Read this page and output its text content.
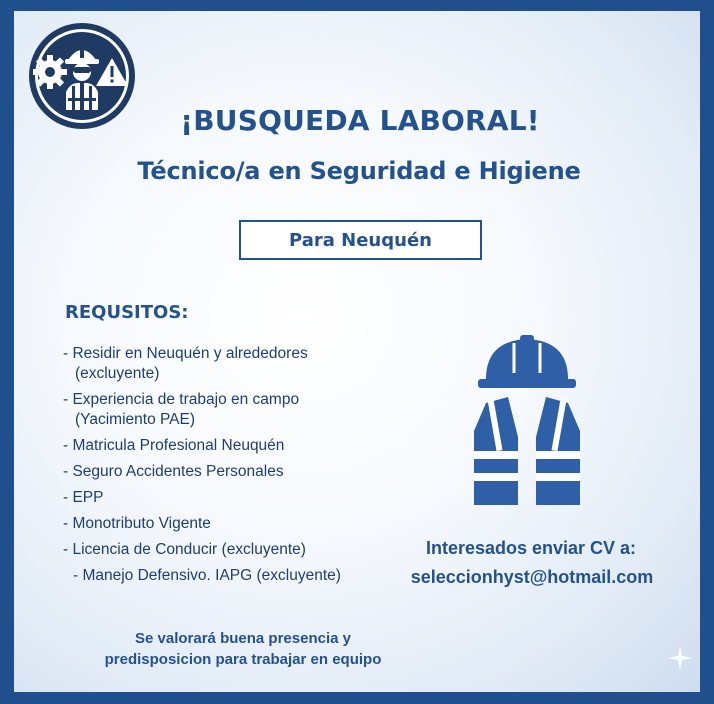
¡BUSQUEDA LABORAL!
Técnico/a en Seguridad e Higiene
Para Neuquén
REQUSITOS:
- Residir en Neuquén y alrededores
(excluyente)
- Experiencia de trabajo en campo
(Yacimiento PAE)
- Matricula Profesional Neuquén
- Seguro Accidentes Personales
- EPP
- Monotributo Vigente
- Licencia de Conducir (excluyente)
- Manejo Defensivo. IAPG (excluyente)
Se valorará buena presencia y
predisposicion para trabajar en equipo
Interesados enviar CV a:
seleccionhyst@hotmail.com
